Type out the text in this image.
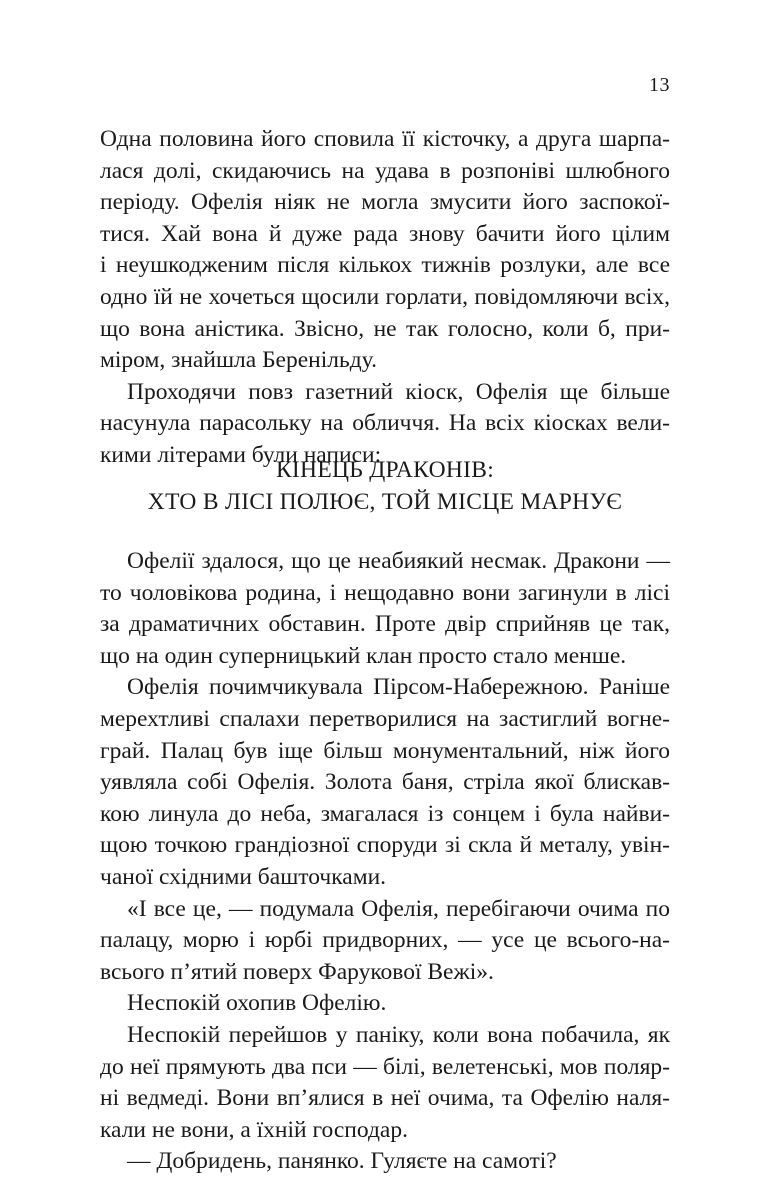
13
Одна половина його сповила її кісточку, а друга шарпа-
лася долі, скидаючись на удава в розпоніві шлюбного
періоду. Офелія ніяк не могла змусити його заспокої-
тися. Хай вона й дуже рада знову бачити його цілим
і неушкодженим після кількох тижнів розлуки, але все
одно їй не хочеться щосили горлати, повідомляючи всіх,
що вона аністика. Звісно, не так голосно, коли б, при-
міром, знайшла Беренільду.
Проходячи повз газетний кіоск, Офелія ще більше
насунула парасольку на обличчя. На всіх кіосках вели-
кими літерами були написи:
КІНЕЦЬ ДРАКОНІВ:
ХТО В ЛІСІ ПОЛЮЄ, ТОЙ МІСЦЕ МАРНУЄ
Офелії здалося, що це неабиякий несмак. Дракони —
то чоловікова родина, і нещодавно вони загинули в лісі
за драматичних обставин. Проте двір сприйняв це так,
що на один суперницький клан просто стало менше.
Офелія почимчикувала Пірсом-Набережною. Раніше
мерехтливі спалахи перетворилися на застиглий вогне-
грай. Палац був іще більш монументальний, ніж його
уявляла собі Офелія. Золота баня, стріла якої блискав-
кою линула до неба, змагалася із сонцем і була найви-
щою точкою грандіозної споруди зі скла й металу, увін-
чаної східними башточками.
«І все це, — подумала Офелія, перебігаючи очима по
палацу, морю і юрбі придворних, — усе це всього-на-
всього п’ятий поверх Фарукової Вежі».
Неспокій охопив Офелію.
Неспокій перейшов у паніку, коли вона побачила, як
до неї прямують два пси — білі, велетенські, мов поляр-
ні ведмеді. Вони вп’ялися в неї очима, та Офелію наля-
кали не вони, а їхній господар.
— Добридень, панянко. Гуляєте на самоті?
